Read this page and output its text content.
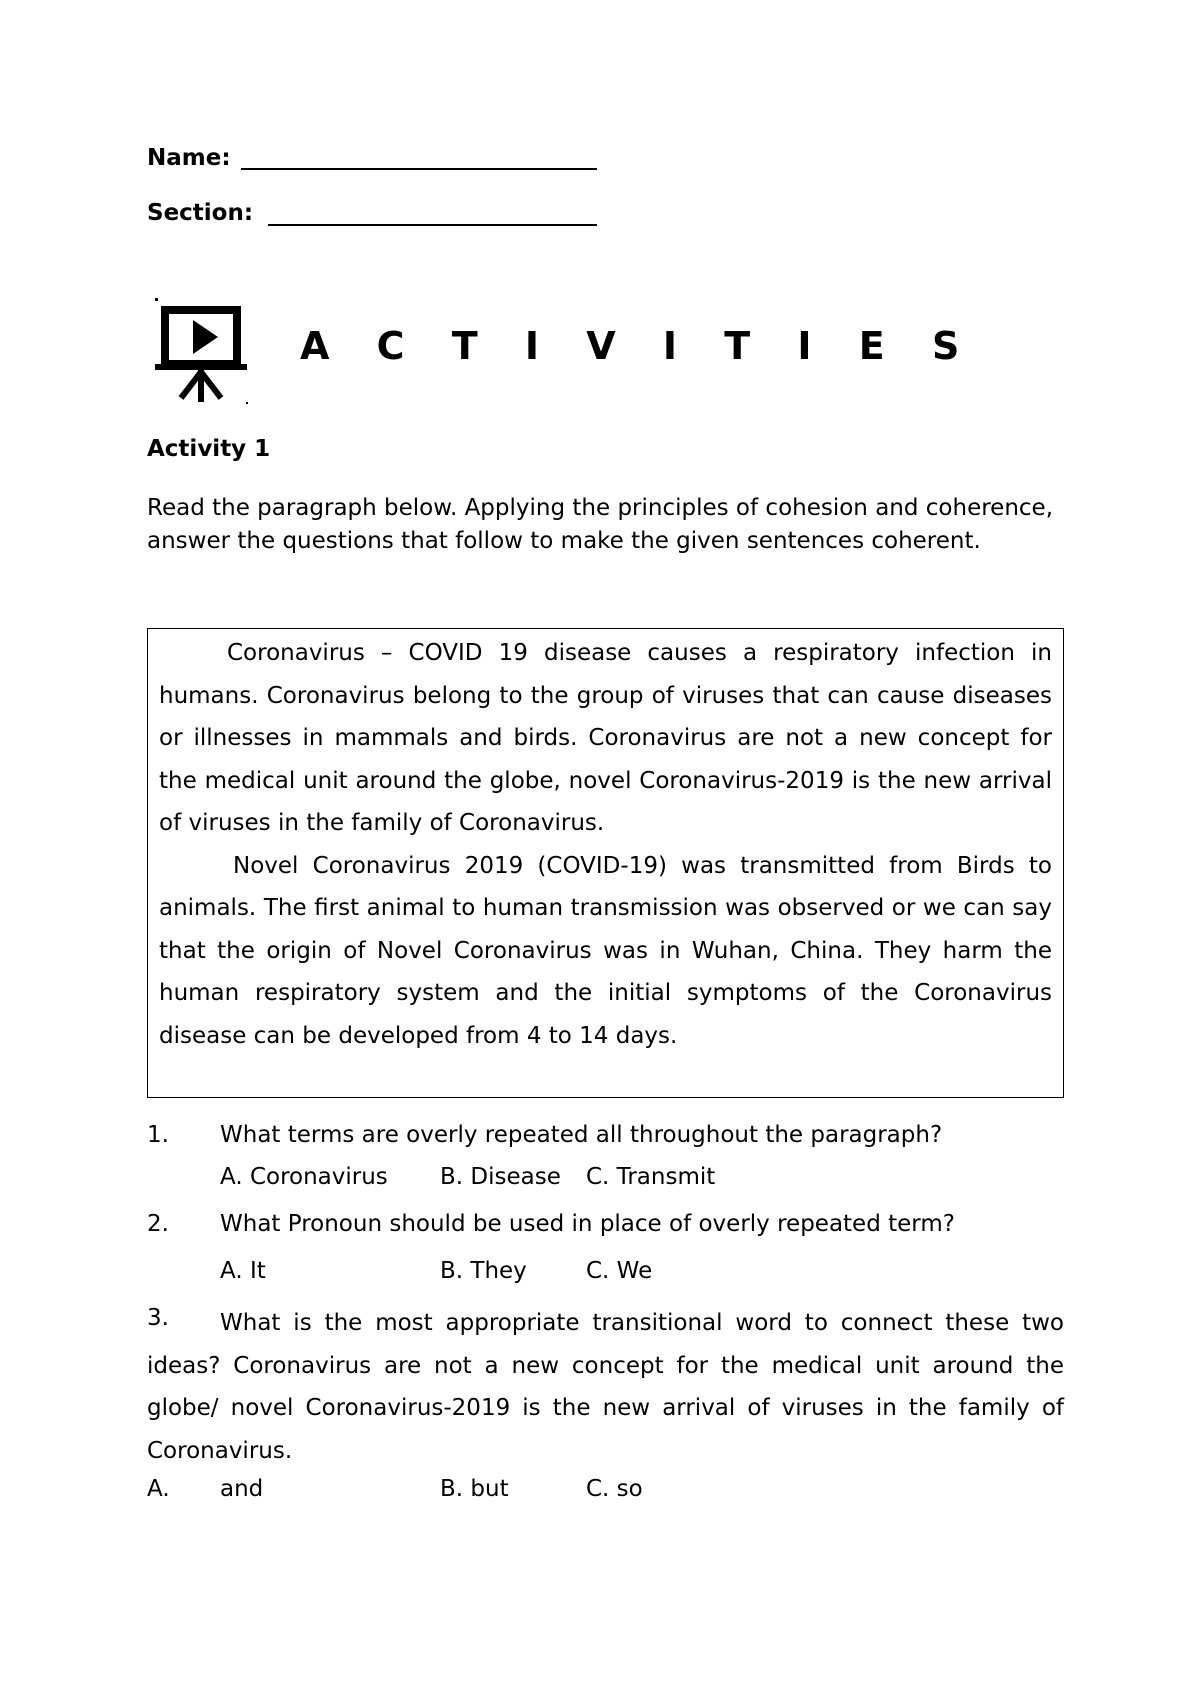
Name:
Section:
A C T I V I T I E S
Activity 1
Read the paragraph below. Applying the principles of cohesion and coherence, answer the questions that follow to make the given sentences coherent.

Coronavirus – COVID 19 disease causes a respiratory infection in humans. Coronavirus belong to the group of viruses that can cause diseases or illnesses in mammals and birds. Coronavirus are not a new concept for the medical unit around the globe, novel Coronavirus-2019 is the new arrival of viruses in the family of Coronavirus.

Novel Coronavirus 2019 (COVID-19) was transmitted from Birds to animals. The first animal to human transmission was observed or we can say that the origin of Novel Coronavirus was in Wuhan, China. They harm the human respiratory system and the initial symptoms of the Coronavirus disease can be developed from 4 to 14 days.

1. What terms are overly repeated all throughout the paragraph?
A. Coronavirus B. Disease C. Transmit
2. What Pronoun should be used in place of overly repeated term?
A. It	B. They	C. We
3.	What is the most appropriate transitional word to connect these two ideas? Coronavirus are not a new concept for the medical unit around the globe/ novel Coronavirus-2019 is the new arrival of viruses in the family of Coronavirus.
A. and	B. but	C. so
